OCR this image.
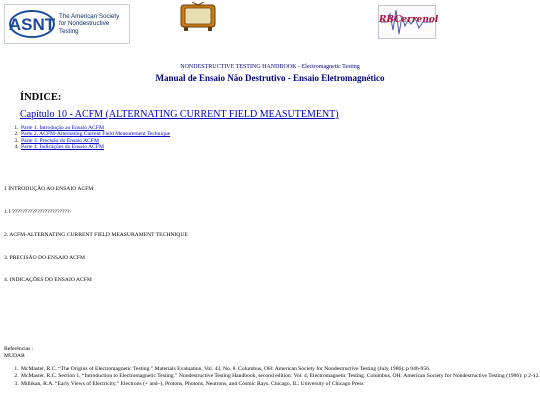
ASNT The American Society
for Nondestructive Testing
RBCerrenol
NONDESTRUCTIVE TESTING HANDBOOK - Electromagnetic Testing
Manual de Ensaio Não Destrutivo - Ensaio Eletromagnético
ÍNDICE:
Capítulo 10 - ACFM (ALTERNATING CURRENT FIELD MEASUTEMENT)
1. Parte 1. Introdução ao Ensaio ACFM
2. Parte 2. ACFM-Alternating Current Field Measurement Technique
3. Parte 3. Precisão do Ensaio ACFM
4. Parte 4. Indicações do Ensaio ACFM
1 INTRODUÇÃO AO ENSAIO ACFM
1.1 ???????????????????????
2. ACFM-ALTERNATING CURRENT FIELD MEASURAMENT TECHNIQUE
3. PRECISÃO DO ENSAIO ACFM
4. INDICAÇÕES DO ENSAIO ACFM
Referências :
MUDAR
1. McMaster, R.C. “The Origins of Electromagnetic Testing.” Materials Evaluation. Vol. 43, No. 8. Columbus, OH: American Society for Nondestructive Testing (July 1986): p 946-956.
2. McMaster, R.C. Section 1, “Introduction to Electromagnetic Testing.” Nondestructive Testing Handbook, second edition: Vol. 4, Electromagnetic Testing. Columbus, OH: American Society for Nondestructive Testing (1986): p 2-12.
3. Millikan, R.A. “Early Views of Electricity.” Electrons (+ and–), Protons, Photons, Neutrons, and Cosmic Rays. Chicago, IL: University of Chicago Press
